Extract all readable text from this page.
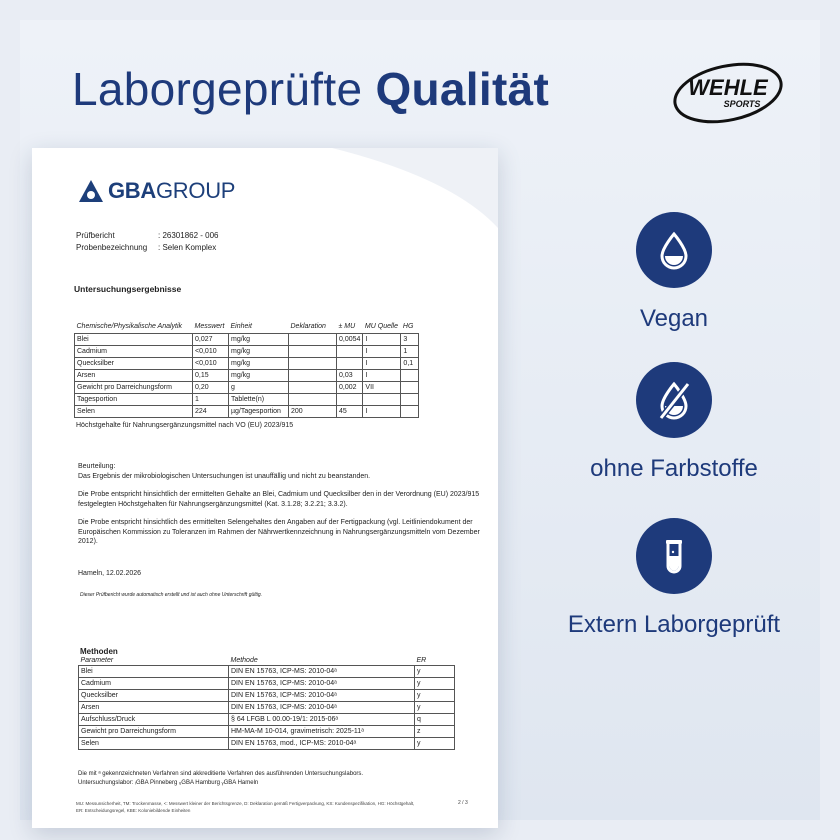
Laborgeprüfte Qualität	WEHLE
SPORTS
GBAGROUP
Prüfbericht	: 26301862 - 006
Probenbezeichnung	: Selen Komplex
Untersuchungsergebnisse
Chemische/Physikalische Analytik	Messwert	Einheit	Deklaration	± MU	MU Quelle	HG
Blei	0,027	mg/kg		0,0054	I	3
Cadmium	<0,010	mg/kg			I	1
Quecksilber	<0,010	mg/kg			I	0,1
Arsen	0,15	mg/kg		0,03	I	
Gewicht pro Darreichungsform	0,20	g		0,002	VII	
Tagesportion	1	Tablette(n)				
Selen	224	µg/Tagesportion	200	45	I	
Höchstgehalte für Nahrungsergänzungsmittel nach VO (EU) 2023/915
Beurteilung:
Das Ergebnis der mikrobiologischen Untersuchungen ist unauffällig und nicht zu beanstanden.
Die Probe entspricht hinsichtlich der ermittelten Gehalte an Blei, Cadmium und Quecksilber den in der Verordnung (EU) 2023/915 festgelegten Höchstgehalten für Nahrungsergänzungsmittel (Kat. 3.1.28; 3.2.21; 3.3.2).
Die Probe entspricht hinsichtlich des ermittelten Selengehaltes den Angaben auf der Fertigpackung (vgl. Leitliniendokument der Europäischen Kommission zu Toleranzen im Rahmen der Nährwertkennzeichnung in Nahrungsergänzungsmitteln vom Dezember 2012).
Hameln, 12.02.2026
Dieser Prüfbericht wurde automatisch erstellt und ist auch ohne Unterschrift gültig.
Methoden
Parameter	Methode	ER
Blei	DIN EN 15763, ICP-MS: 2010-04ᵃ	y
Cadmium	DIN EN 15763, ICP-MS: 2010-04ᵃ	y
Quecksilber	DIN EN 15763, ICP-MS: 2010-04ᵃ	y
Arsen	DIN EN 15763, ICP-MS: 2010-04ᵃ	y
Aufschluss/Druck	§ 64 LFGB L 00.00-19/1: 2015-06ᵃ	q
Gewicht pro Darreichungsform	HM-MA-M 10-014, gravimetrisch: 2025-11ᵃ	z
Selen	DIN EN 15763, mod., ICP-MS: 2010-04ᵃ	y
Die mit ᵃ gekennzeichneten Verfahren sind akkreditierte Verfahren des ausführenden Untersuchungslabors.
Untersuchungslabor: ᵢGBA Pinneberg ᵤGBA Hamburg ᵧGBA Hameln
MU: Messunsicherheit, TM: Trockenmasse, <: Messwert kleiner der Berichtsgrenze, D: Deklaration gemäß Fertigverpackung, KS: Kundenspezifikation, HG: Höchstgehalt, ER: Entscheidungsregel, KBE: Koloniebildende Einheiten
2 / 3
Vegan
ohne Farbstoffe
Extern Laborgeprüft
